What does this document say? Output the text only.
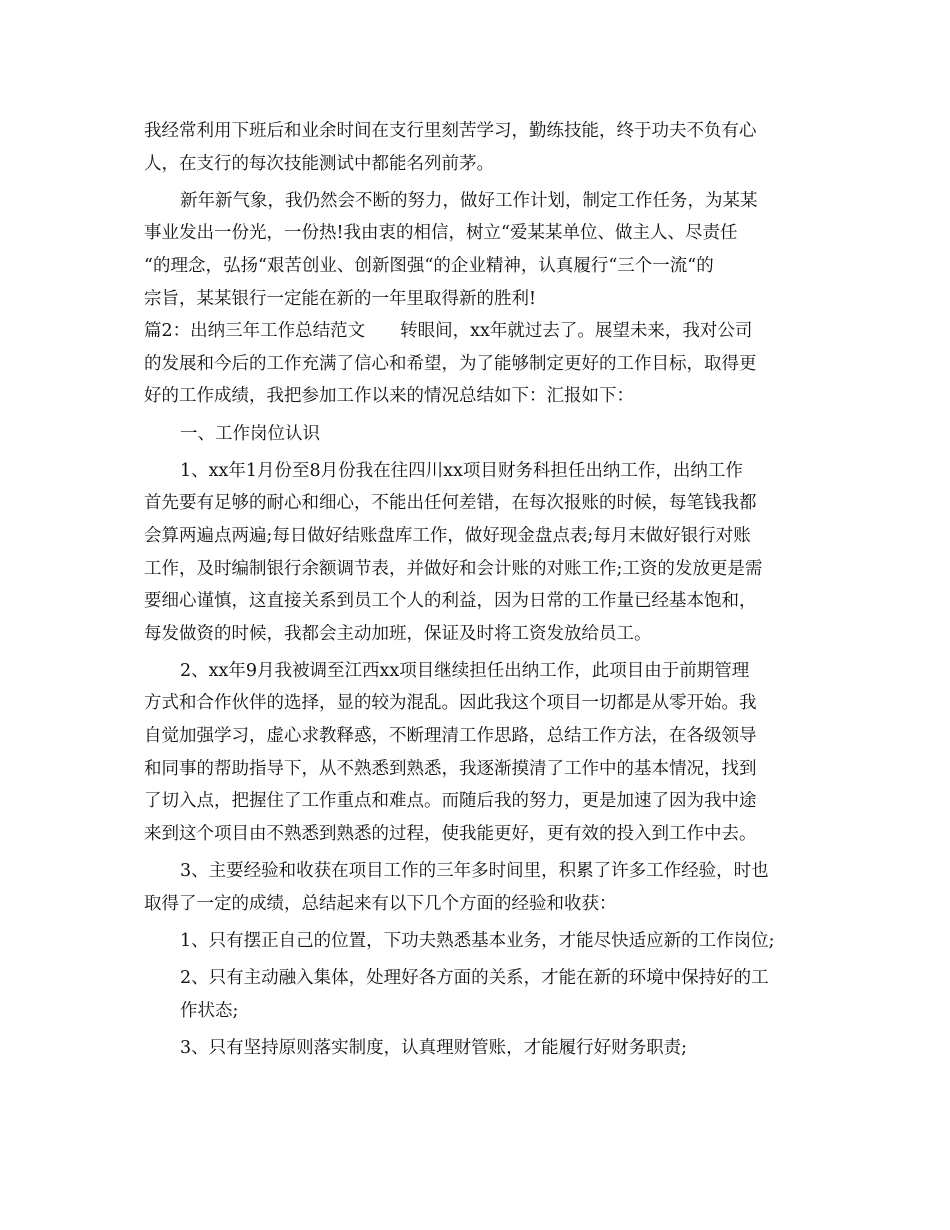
我经常利用下班后和业余时间在支行里刻苦学习，勤练技能，终于功夫不负有心
人，在支行的每次技能测试中都能名列前茅。
新年新气象，我仍然会不断的努力，做好工作计划，制定工作任务，为某某
事业发出一份光，一份热!我由衷的相信，树立“爱某某单位、做主人、尽责任
“的理念，弘扬“艰苦创业、创新图强“的企业精神，认真履行“三个一流“的
宗旨，某某银行一定能在新的一年里取得新的胜利!
篇2：出纳三年工作总结范文　　转眼间，xx年就过去了。展望未来，我对公司
的发展和今后的工作充满了信心和希望，为了能够制定更好的工作目标，取得更
好的工作成绩，我把参加工作以来的情况总结如下：汇报如下：
一、工作岗位认识
1、xx年1月份至8月份我在往四川xx项目财务科担任出纳工作，出纳工作
首先要有足够的耐心和细心，不能出任何差错，在每次报账的时候，每笔钱我都
会算两遍点两遍;每日做好结账盘库工作，做好现金盘点表;每月末做好银行对账
工作，及时编制银行余额调节表，并做好和会计账的对账工作;工资的发放更是需
要细心谨慎，这直接关系到员工个人的利益，因为日常的工作量已经基本饱和，
每发做资的时候，我都会主动加班，保证及时将工资发放给员工。
2、xx年9月我被调至江西xx项目继续担任出纳工作，此项目由于前期管理
方式和合作伙伴的选择，显的较为混乱。因此我这个项目一切都是从零开始。我
自觉加强学习，虚心求教释惑，不断理清工作思路，总结工作方法，在各级领导
和同事的帮助指导下，从不熟悉到熟悉，我逐渐摸清了工作中的基本情况，找到
了切入点，把握住了工作重点和难点。而随后我的努力，更是加速了因为我中途
来到这个项目由不熟悉到熟悉的过程，使我能更好，更有效的投入到工作中去。
3、主要经验和收获在项目工作的三年多时间里，积累了许多工作经验，时也
取得了一定的成绩，总结起来有以下几个方面的经验和收获：
1、只有摆正自己的位置，下功夫熟悉基本业务，才能尽快适应新的工作岗位;
2、只有主动融入集体，处理好各方面的关系，才能在新的环境中保持好的工
作状态;
3、只有坚持原则落实制度，认真理财管账，才能履行好财务职责;
